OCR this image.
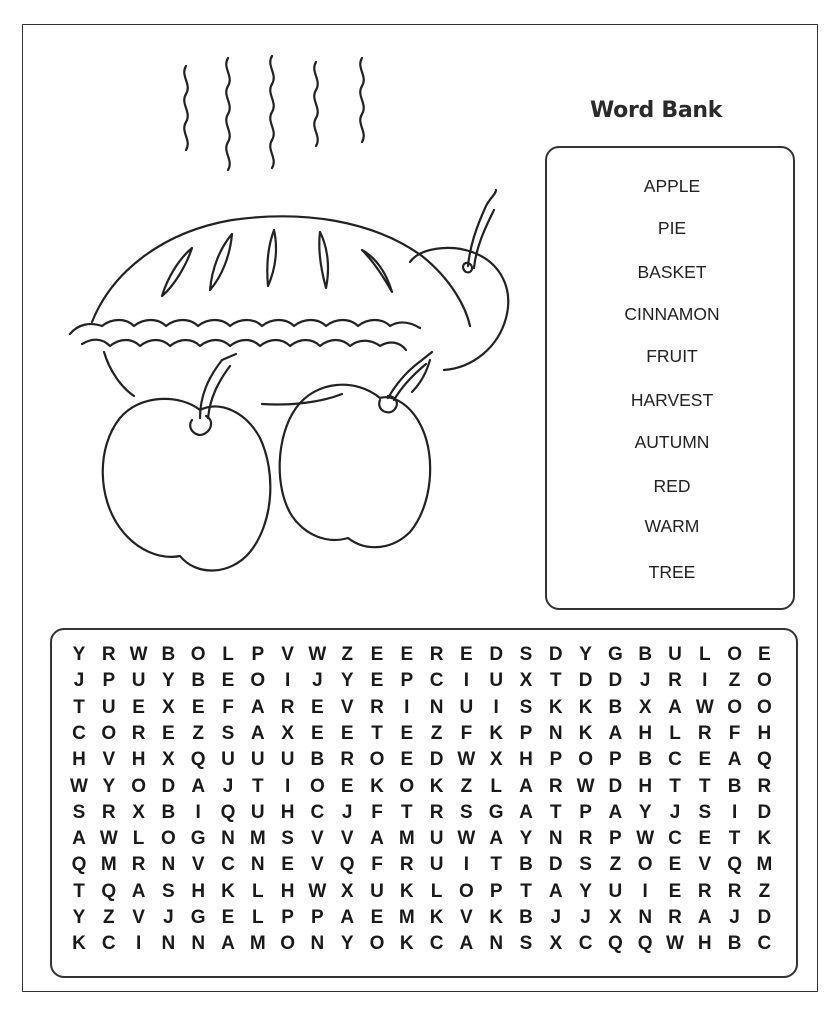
Word Bank
APPLE
PIE
BASKET
CINNAMON
FRUIT
HARVEST
AUTUMN
RED
WARM
TREE
Y R W B O L P V W Z E E R E D S D Y G B U L O E
J P U Y B E O	I	J Y E P C	I	U X T D D J R	I	Z O
T U E X E F A R E V R	I	N U	I	S K K B X A W O O
C O R E Z S A X E E T E Z F K P N K A H L R F H
H V H X Q U U U B R O E D W X H P O P B C E A Q
W Y O D A J T	I	O E K O K Z L A R W D H T T B R
S R X B	I	Q U H C J F T R S G A T P A Y J S	I	D
A W L O G N M S V V A M U W A Y N R P W C E T K
Q M R N V C N E V Q F R U	I	T B D S Z O E V Q M
T Q A S H K L H W X U K L O P T A Y U	I	E R R Z
Y Z V J G E L P P A E M K V K B J	J X N R A J D
K C	I	N N A M O N Y O K C A N S X C Q Q W H B C
